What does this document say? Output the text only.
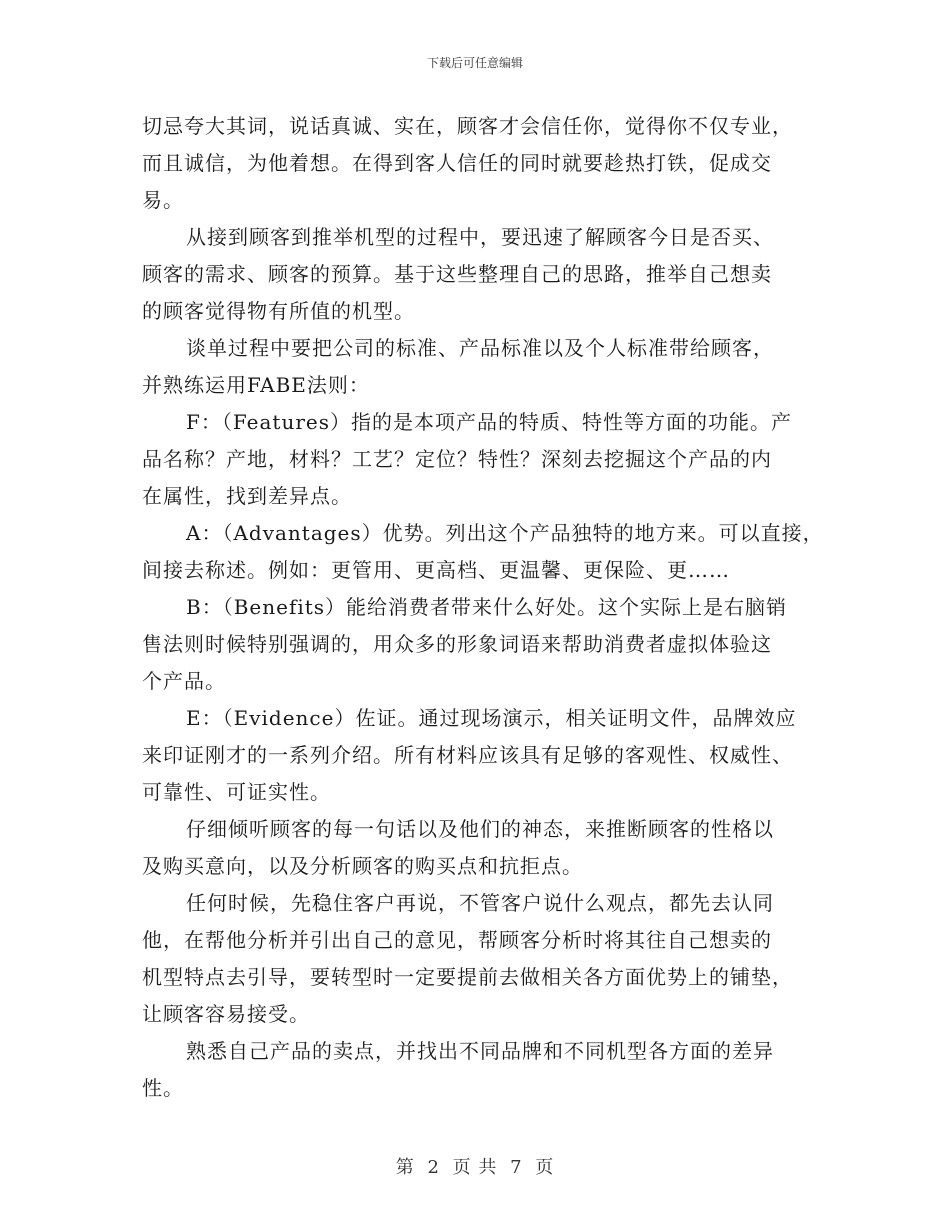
下载后可任意编辑
切忌夸大其词，说话真诚、实在，顾客才会信任你，觉得你不仅专业，
而且诚信，为他着想。在得到客人信任的同时就要趁热打铁，促成交
易。
从接到顾客到推举机型的过程中，要迅速了解顾客今日是否买、
顾客的需求、顾客的预算。基于这些整理自己的思路，推举自己想卖
的顾客觉得物有所值的机型。
谈单过程中要把公司的标准、产品标准以及个人标准带给顾客，
并熟练运用FABE法则：
F：（Features）指的是本项产品的特质、特性等方面的功能。产
品名称？产地，材料？工艺？定位？特性？深刻去挖掘这个产品的内
在属性，找到差异点。
A：（Advantages）优势。列出这个产品独特的地方来。可以直接，
间接去称述。例如：更管用、更高档、更温馨、更保险、更……
B：（Benefits）能给消费者带来什么好处。这个实际上是右脑销
售法则时候特别强调的，用众多的形象词语来帮助消费者虚拟体验这
个产品。
E：（Evidence）佐证。通过现场演示，相关证明文件，品牌效应
来印证刚才的一系列介绍。所有材料应该具有足够的客观性、权威性、
可靠性、可证实性。
仔细倾听顾客的每一句话以及他们的神态，来推断顾客的性格以
及购买意向，以及分析顾客的购买点和抗拒点。
任何时候，先稳住客户再说，不管客户说什么观点，都先去认同
他，在帮他分析并引出自己的意见，帮顾客分析时将其往自己想卖的
机型特点去引导，要转型时一定要提前去做相关各方面优势上的铺垫，
让顾客容易接受。
熟悉自己产品的卖点，并找出不同品牌和不同机型各方面的差异
性。
第 2 页 共 7 页
